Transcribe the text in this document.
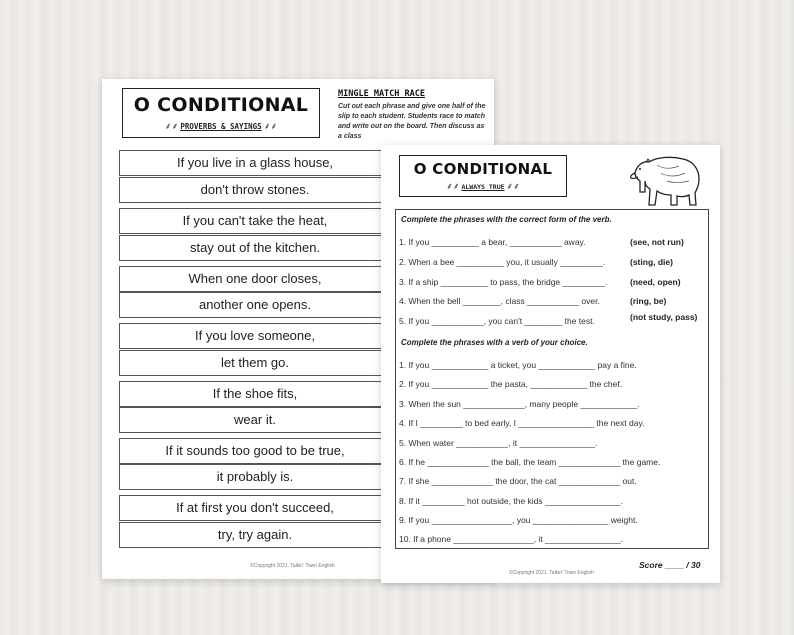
O CONDITIONAL
⸙⸙ PROVERBS & SAYINGS ⸙⸙
MINGLE MATCH RACE
Cut out each phrase and give one half of the slip to each student. Students race to match and write out on the board. Then discuss as a class
If you live in a glass house,
don't throw stones.
If you can't take the heat,
stay out of the kitchen.
When one door closes,
another one opens.
If you love someone,
let them go.
If the shoe fits,
wear it.
If it sounds too good to be true,
it probably is.
If at first you don't succeed,
try, try again.
©Copyright 2021. Talkin' Town English
O CONDITIONAL
⸙⸙ ALWAYS TRUE ⸙⸙
Complete the phrases with the correct form of the verb.
1. If you __________ a bear, ___________ away.	(see, not run)
2. When a bee __________ you, it usually _________.	(sting, die)
3. If a ship __________ to pass, the bridge _________.	(need, open)
4. When the bell ________, class ___________ over.	(ring, be)
5. If you ___________, you can't ________ the test.	(not study, pass)
Complete the phrases with a verb of your choice.
1. If you ____________ a ticket, you ____________ pay a fine.
2. If you ____________ the pasta, ____________ the chef.
3. When the sun _____________, many people ____________.
4. If I _________ to bed early, I ________________ the next day.
5. When water ___________, it ________________.
6. If he _____________ the ball, the team _____________ the game.
7. If she _____________ the door, the cat _____________ out.
8. If it _________ hot outside, the kids ________________.
9. If you _________________, you ________________ weight.
10. If a phone _________________, it ________________.
Score ____ / 30
©Copyright 2021. Talkin' Town English
